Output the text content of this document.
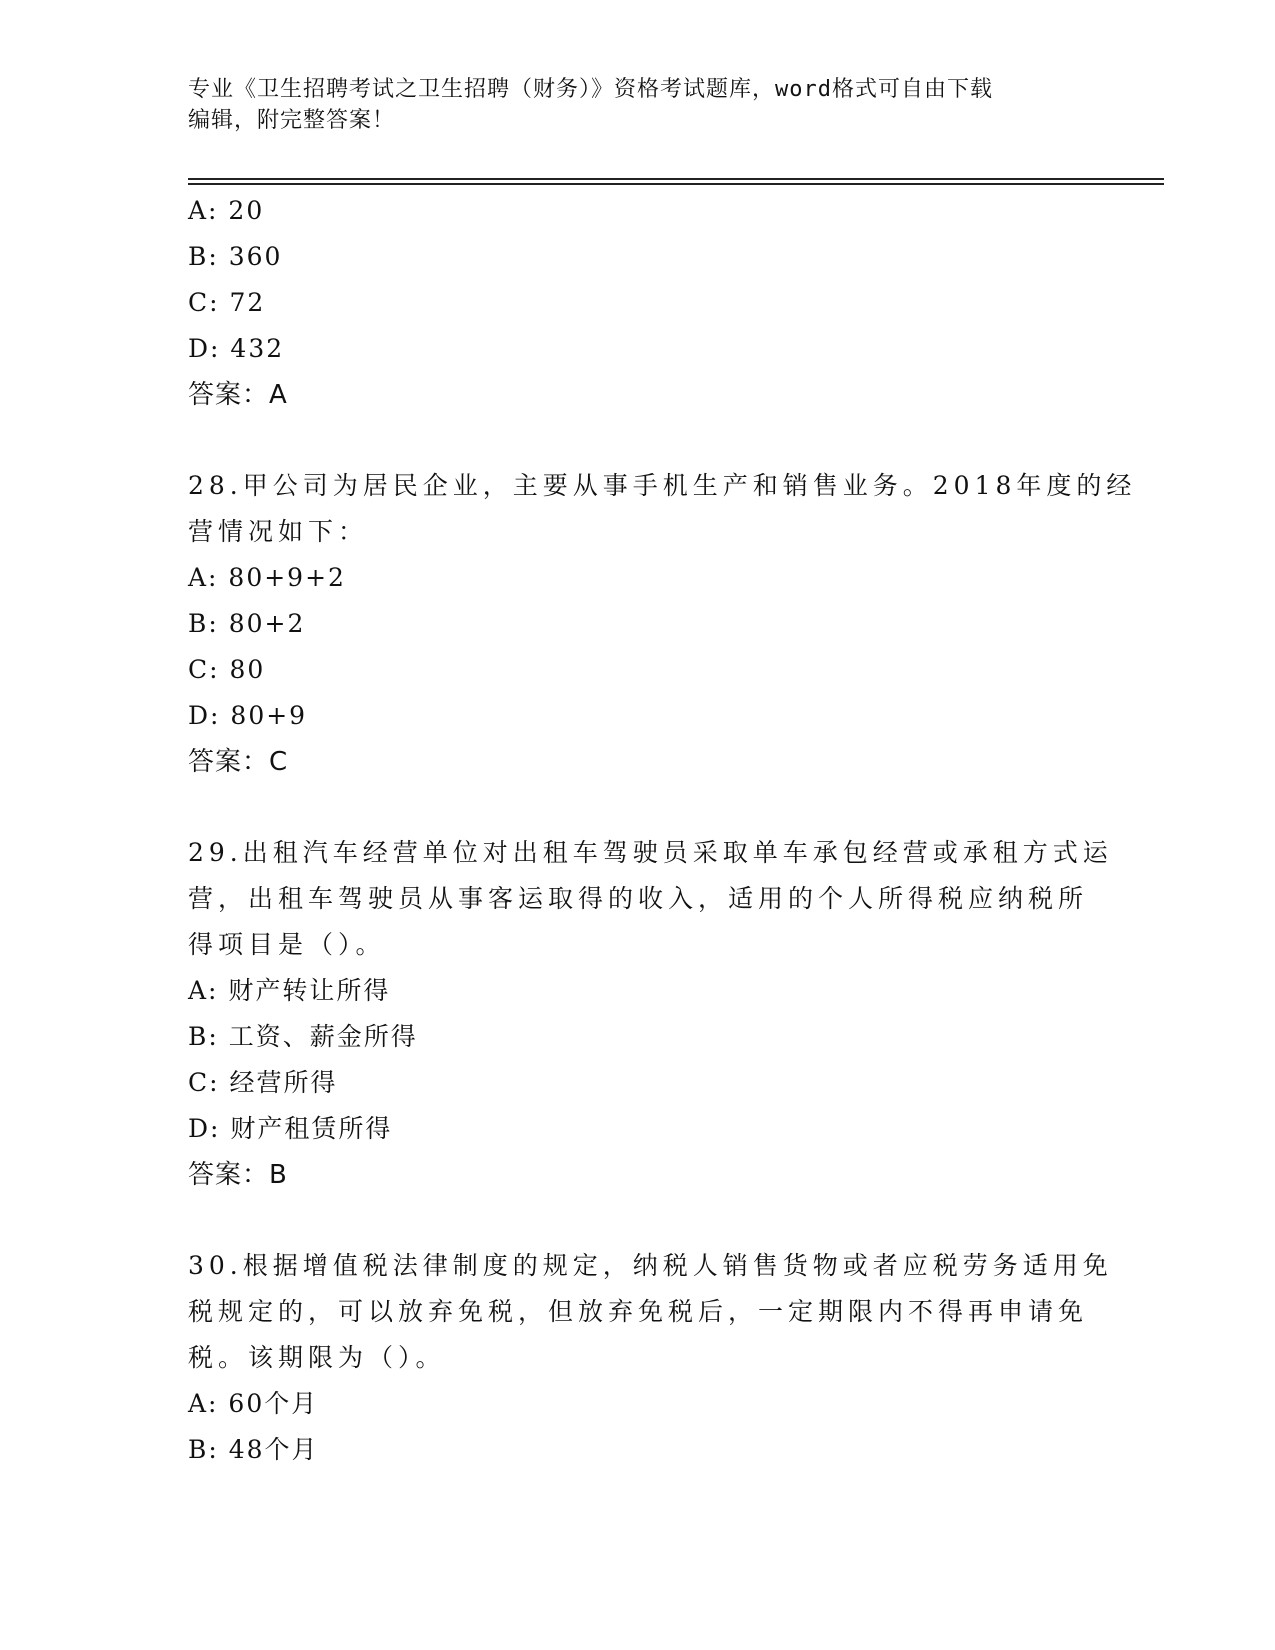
专业《卫生招聘考试之卫生招聘（财务）》资格考试题库，word格式可自由下载
编辑，附完整答案！
A: 20
B: 360
C: 72
D: 432
答案：A
28.甲公司为居民企业，主要从事手机生产和销售业务。2018年度的经
营情况如下：
A: 80+9+2
B: 80+2
C: 80
D: 80+9
答案：C
29.出租汽车经营单位对出租车驾驶员采取单车承包经营或承租方式运
营，出租车驾驶员从事客运取得的收入，适用的个人所得税应纳税所
得项目是（）。
A: 财产转让所得
B: 工资、薪金所得
C: 经营所得
D: 财产租赁所得
答案：B
30.根据增值税法律制度的规定，纳税人销售货物或者应税劳务适用免
税规定的，可以放弃免税，但放弃免税后，一定期限内不得再申请免
税。该期限为（）。
A: 60个月
B: 48个月
